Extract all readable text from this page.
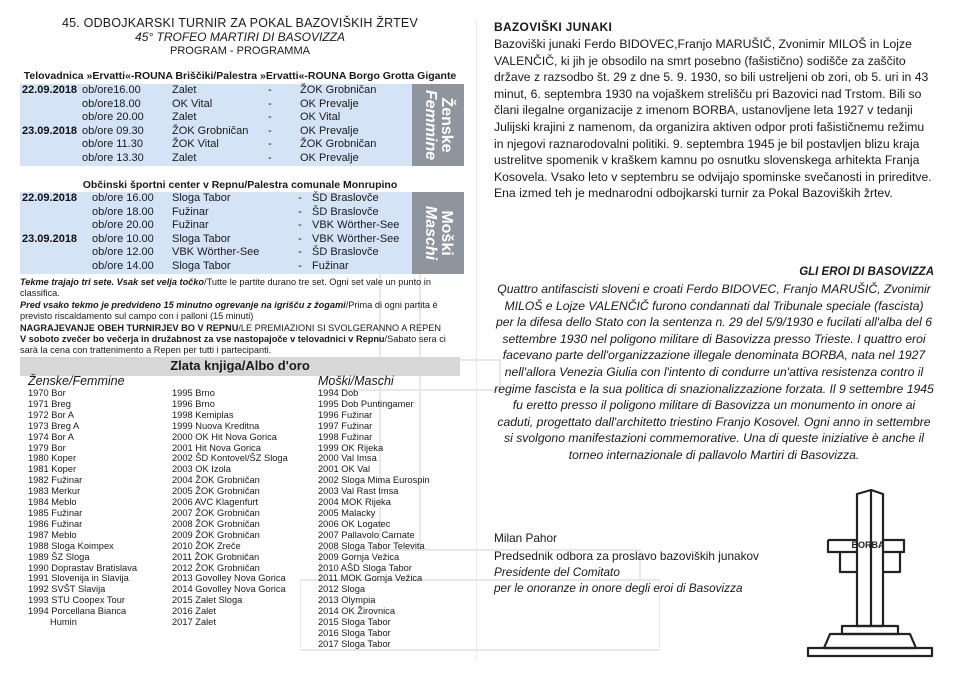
45. ODBOJKARSKI TURNIR ZA POKAL BAZOVIŠKIH ŽRTEV
45° TROFEO MARTIRI DI BASOVIZZA
PROGRAM - PROGRAMMA
Telovadnica »Ervatti«-ROUNA Briščiki/Palestra »Ervatti«-ROUNA Borgo Grotta Gigante
Ženske
Femmine
22.09.2018 ob/ore16.00	Zalet	-	ŽOK Grobničan
ob/ore18.00	OK Vital	-	OK Prevalje
ob/ore 20.00	Zalet	-	OK Vital
23.09.2018 ob/ore 09.30	ŽOK Grobničan -	OK Prevalje
ob/ore 11.30	ŽOK Vital	-	ŽOK Grobničan
ob/ore 13.30	Zalet	-	OK Prevalje
Občinski športni center v Repnu/Palestra comunale Monrupino
Moški
Maschi
22.09.2018 ob/ore 16.00 Sloga Tabor	- ŠD Braslovče
ob/ore 18.00 Fužinar	- ŠD Braslovče
ob/ore 20.00 Fužinar	- VBK Wörther-See
23.09.2018 ob/ore 10.00 Sloga Tabor	- VBK Wörther-See
ob/ore 12.00 VBK Wörther-See	- ŠD Braslovče
ob/ore 14.00 Sloga Tabor	- Fužinar

Tekme trajajo tri sete. Vsak set velja točko/Tutte le partite durano tre set. Ogni set vale un punto in classifica.

Pred vsako tekmo je predvideno 15 minutno ogrevanje na igrišču z žogami/Prima di ogni partita è previsto riscaldamento sul campo con i palloni (15 minuti)

NAGRAJEVANJE OBEH TURNIRJEV BO V REPNU/LE PREMIAZIONI SI SVOLGERANNO A REPEN

V soboto zvečer bo večerja in družabnost za vse nastopajoče v telovadnici v Repnu/Sabato sera ci sarà la cena con trattenimento a Repen per tutti i partecipanti.

Zlata knjiga/Albo d'oro
Ženske/Femmine	Moški/Maschi
1970 Bor
1971 Breg
1972 Bor A
1973 Breg A
1974 Bor A
1979 Bor
1980 Koper
1981 Koper
1982 Fužinar
1983 Merkur
1984 Meblo
1985 Fužinar
1986 Fužinar
1987 Meblo
1988 Sloga Koimpex
1989 ŠZ Sloga
1990 Doprastav Bratislava
1991 Slovenija in Slavija
1992 SVŠT Slavija
1993 STU Coopex Tour
1994 Porcellana Bianca
Humin
1995 Brno
1996 Brno
1998 Kemiplas
1999 Nuova Kreditna
2000 OK Hit Nova Gorica
2001 Hit Nova Gorica
2002 ŠD Kontovel/ŠZ Sloga
2003 OK Izola
2004 ŽOK Grobničan
2005 ŽOK Grobničan
2006 AVC Klagenfurt
2007 ŽOK Grobničan
2008 ŽOK Grobničan
2009 ŽOK Grobničan
2010 ŽOK Zreče
2011 ŽOK Grobničan
2012 ŽOK Grobničan
2013 Govolley Nova Gorica
2014 Govolley Nova Gorica
2015 Zalet Sloga
2016 Zalet
2017 Zalet
1994 Dob
1995 Dob Puntingamer
1996 Fužinar
1997 Fužinar
1998 Fužinar
1999 OK Rijeka
2000 Val Imsa
2001 OK Val
2002 Sloga Mima Eurospin
2003 Val Rast Imsa
2004 MOK Rijeka
2005 Malacky
2006 OK Logatec
2007 Pallavolo Carnate
2008 Sloga Tabor Televita
2009 Gornja Vežica
2010 AŠD Sloga Tabor
2011 MOK Gornja Vežica
2012 Sloga
2013 Olympia
2014 OK Žirovnica
2015 Sloga Tabor
2016 Sloga Tabor
2017 Sloga Tabor
BAZOVIŠKI JUNAKI
Bazoviški junaki Ferdo BIDOVEC,Franjo MARUŠIČ, Zvonimir MILOŠ in Lojze VALENČIČ, ki jih je obsodilo na smrt posebno (fašistično) sodišče za zaščito države z razsodbo št. 29 z dne 5. 9. 1930, so bili ustreljeni ob zori, ob 5. uri in 43 minut, 6. septembra 1930 na vojaškem strelišču pri Bazovici nad Trstom. Bili so člani ilegalne organizacije z imenom BORBA, ustanovljene leta 1927 v tedanji Julijski krajini z namenom, da organizira aktiven odpor proti fašističnemu režimu in njegovi raznarodovalni politiki. 9. septembra 1945 je bil postavljen blizu kraja ustrelitve spomenik v kraškem kamnu po osnutku slovenskega arhitekta Franja Kosovela. Vsako leto v septembru se odvijajo spominske svečanosti in prireditve. Ena izmed teh je mednarodni odbojkarski turnir za Pokal Bazoviških žrtev.
GLI EROI DI BASOVIZZA
Quattro antifascisti sloveni e croati Ferdo BIDOVEC, Franjo MARUŠIČ, Zvonimir MILOŠ e Lojze VALENČIČ furono condannati dal Tribunale speciale (fascista) per la difesa dello Stato con la sentenza n. 29 del 5/9/1930 e fucilati all'alba del 6 settembre 1930 nel poligono militare di Basovizza presso Trieste. I quattro eroi facevano parte dell'organizzazione illegale denominata BORBA, nata nel 1927 nell'allora Venezia Giulia con l'intento di condurre un'attiva resistenza contro il regime fascista e la sua politica di snazionalizzazione forzata. Il 9 settembre 1945 fu eretto presso il poligono militare di Basovizza un monumento in onore ai caduti, progettato dall'architetto triestino Franjo Kosovel. Ogni anno in settembre si svolgono manifestazioni commemorative. Una di queste iniziative è anche il torneo internazionale di pallavolo Martiri di Basovizza.
Milan Pahor
Predsednik odbora za proslavo bazoviških junakov
Presidente del Comitato
per le onoranze in onore degli eroi di Basovizza
BORBA
